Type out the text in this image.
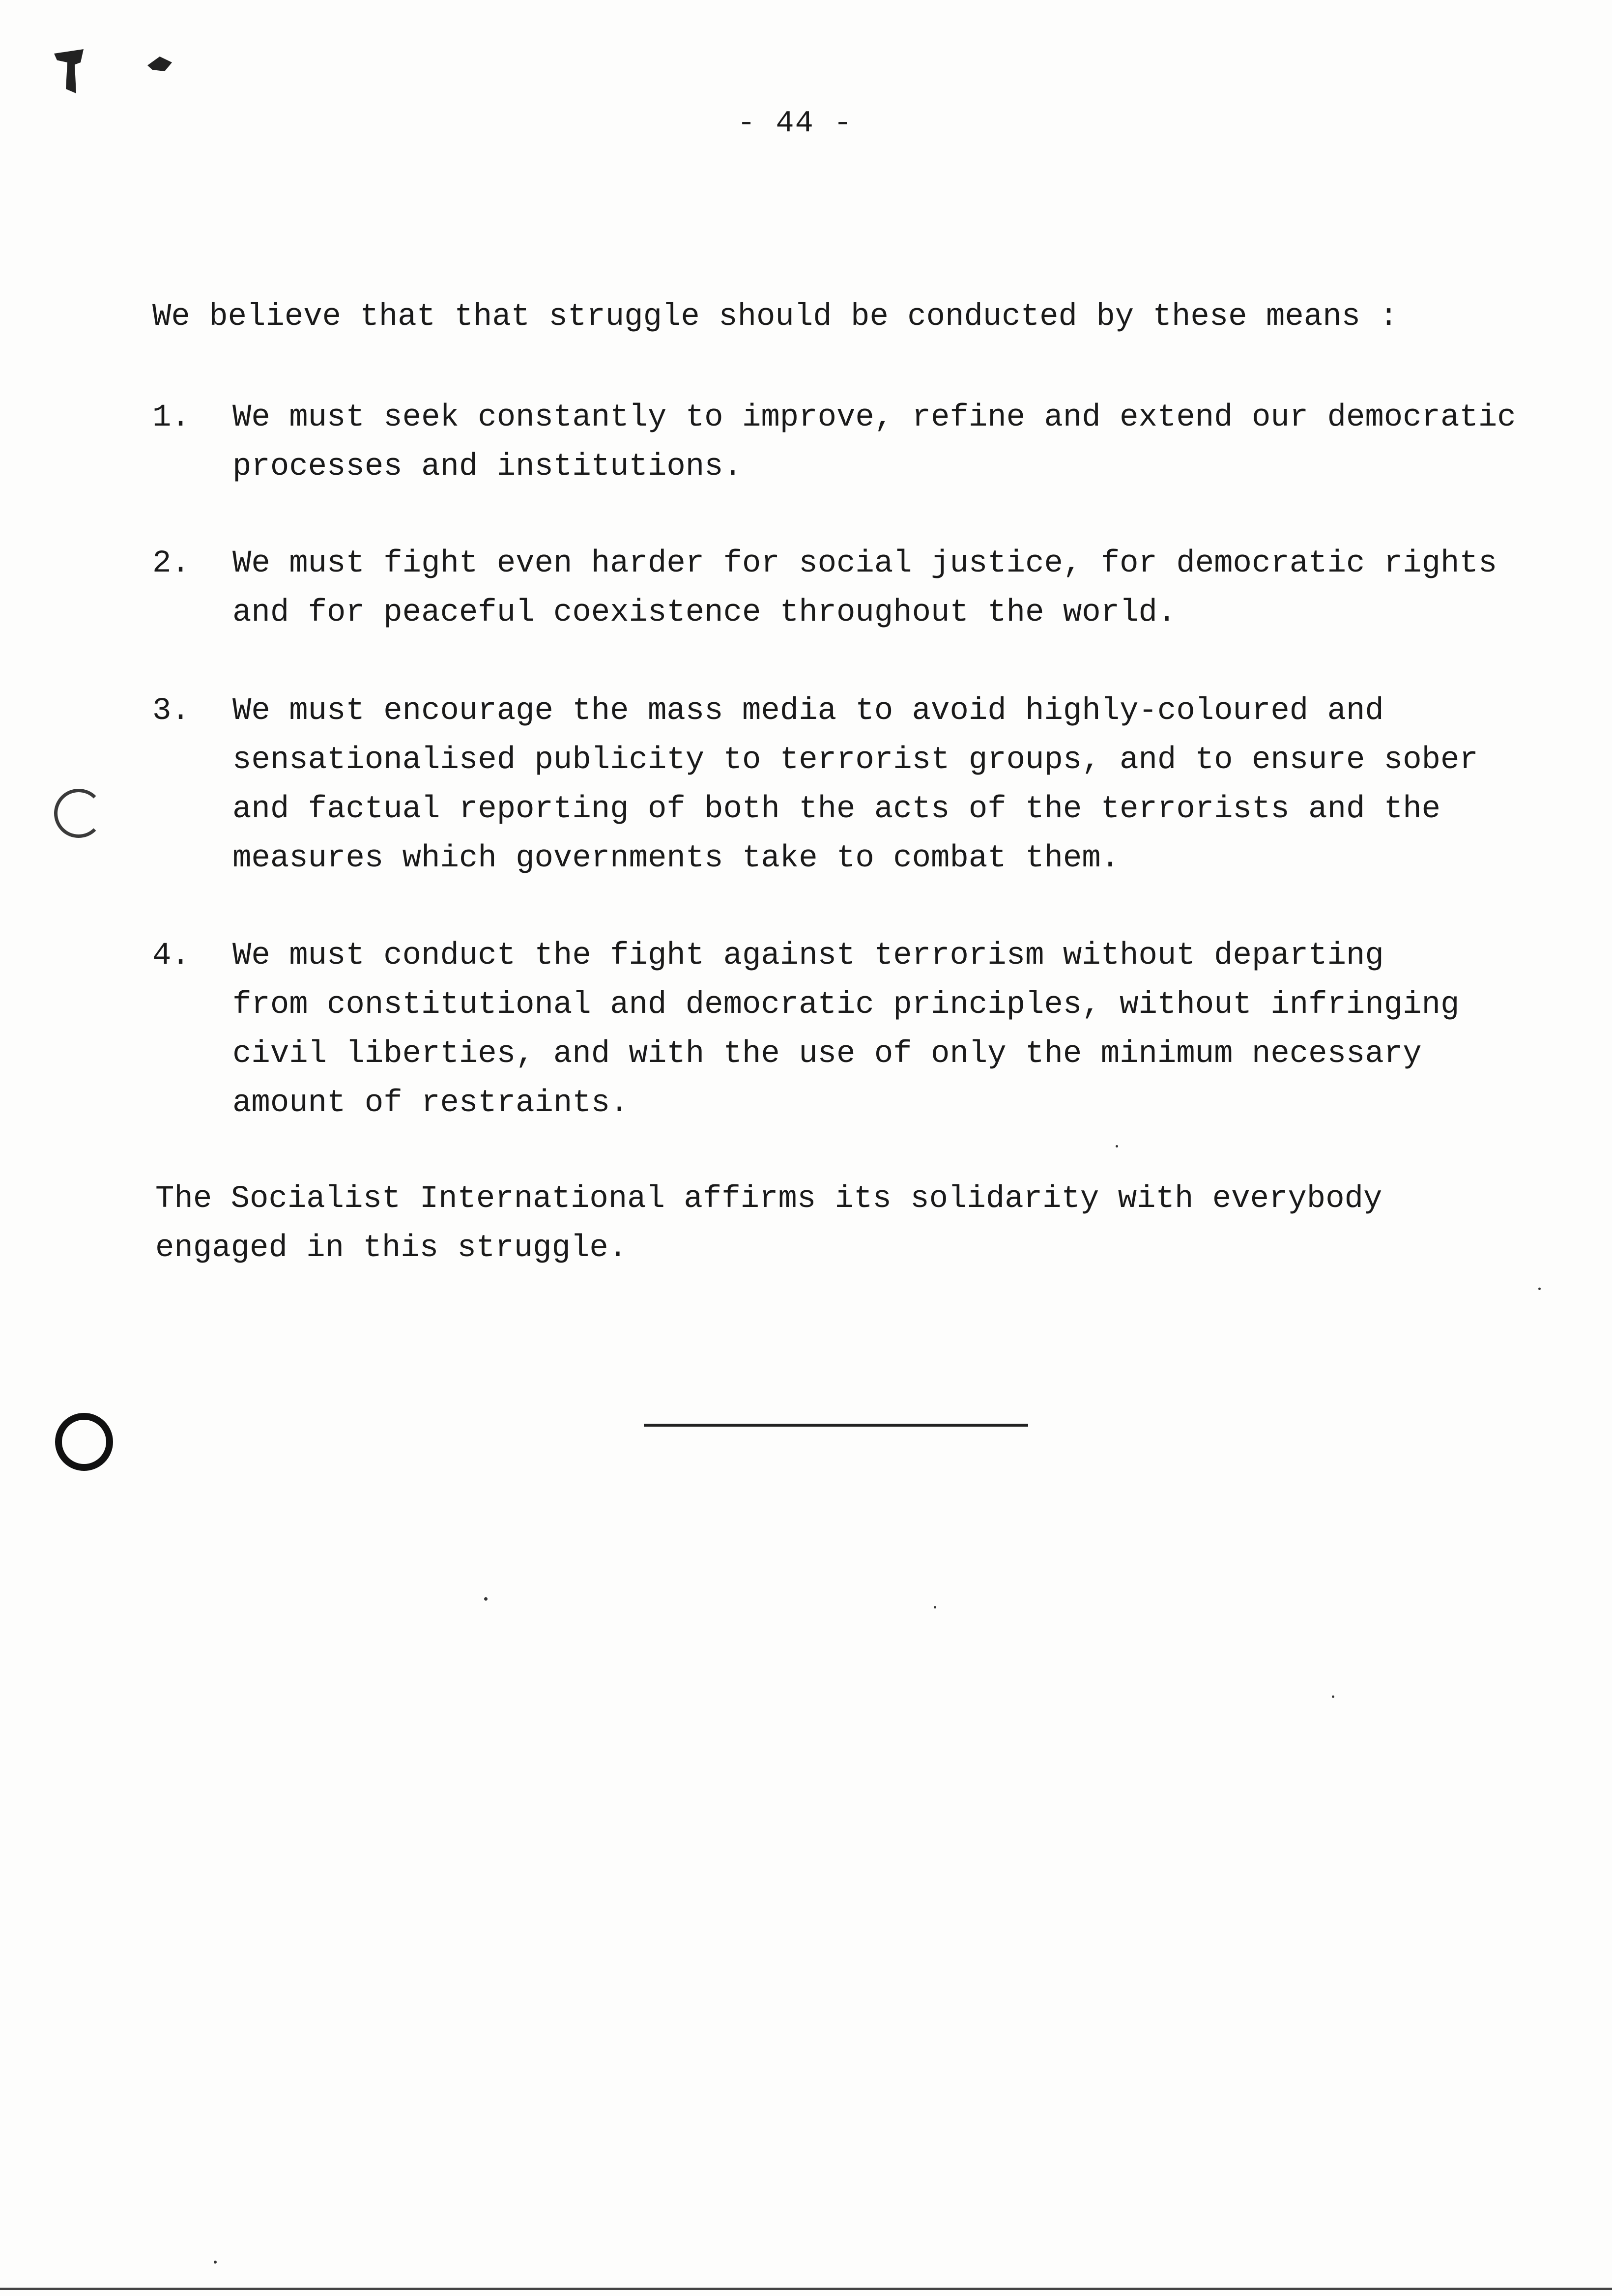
- 44 -
We believe that that struggle should be conducted by these means :
1. We must seek constantly to improve, refine and extend our democratic
processes and institutions.
2. We must fight even harder for social justice, for democratic rights
and for peaceful coexistence throughout the world.
3. We must encourage the mass media to avoid highly-coloured and
sensationalised publicity to terrorist groups, and to ensure sober
and factual reporting of both the acts of the terrorists and the
measures which governments take to combat them.
4. We must conduct the fight against terrorism without departing
from constitutional and democratic principles, without infringing
civil liberties, and with the use of only the minimum necessary
amount of restraints.
The Socialist International affirms its solidarity with everybody
engaged in this struggle.
